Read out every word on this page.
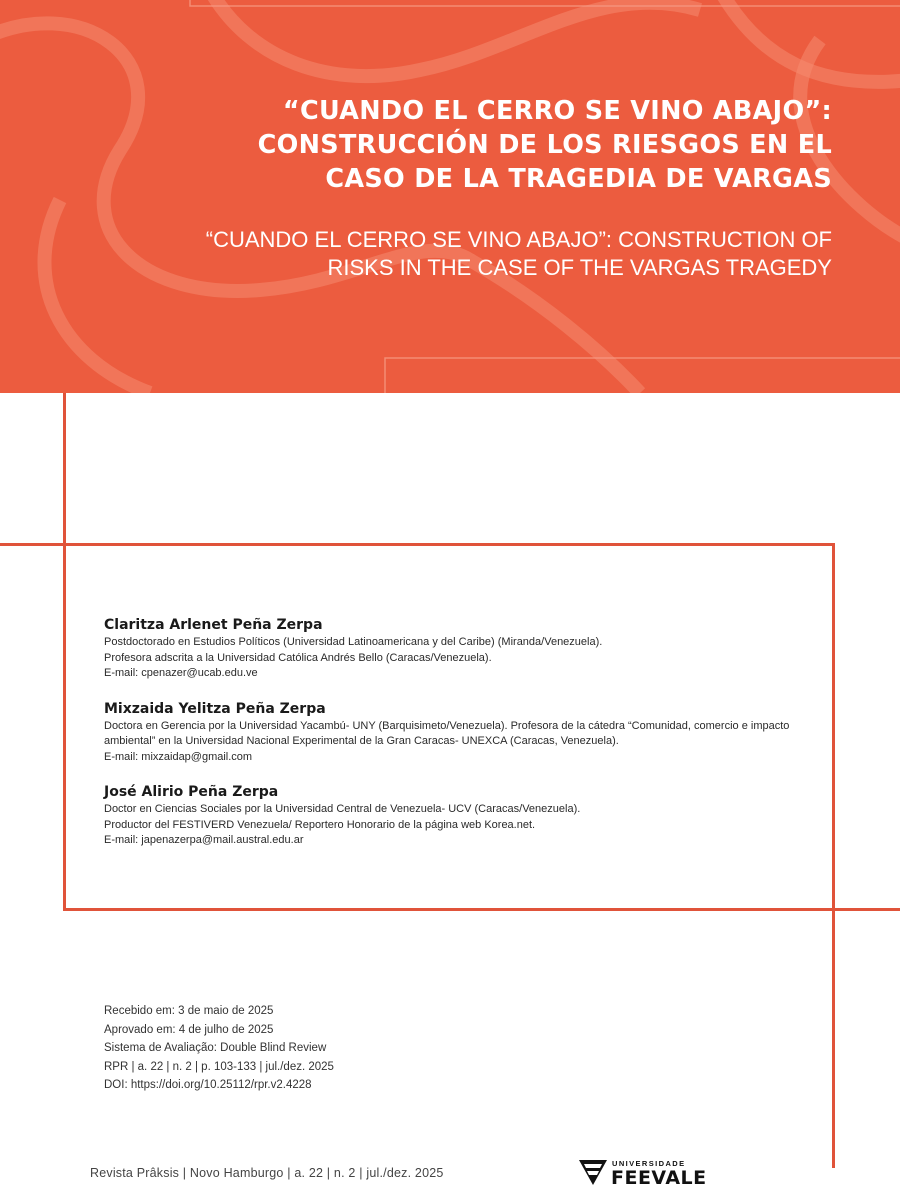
“CUANDO EL CERRO SE VINO ABAJO”:
CONSTRUCCIÓN DE LOS RIESGOS EN EL
CASO DE LA TRAGEDIA DE VARGAS
“CUANDO EL CERRO SE VINO ABAJO”: CONSTRUCTION OF
RISKS IN THE CASE OF THE VARGAS TRAGEDY
Claritza Arlenet Peña Zerpa
Postdoctorado en Estudios Políticos (Universidad Latinoamericana y del Caribe) (Miranda/Venezuela).
Profesora adscrita a la Universidad Católica Andrés Bello (Caracas/Venezuela).
E-mail: cpenazer@ucab.edu.ve
Mixzaida Yelitza Peña Zerpa
Doctora en Gerencia por la Universidad Yacambú- UNY (Barquisimeto/Venezuela). Profesora de la cátedra “Comunidad, comercio e impacto
ambiental” en la Universidad Nacional Experimental de la Gran Caracas- UNEXCA (Caracas, Venezuela).
E-mail: mixzaidap@gmail.com
José Alirio Peña Zerpa
Doctor en Ciencias Sociales por la Universidad Central de Venezuela- UCV (Caracas/Venezuela).
Productor del FESTIVERD Venezuela/ Reportero Honorario de la página web Korea.net.
E-mail: japenazerpa@mail.austral.edu.ar
Recebido em: 3 de maio de 2025
Aprovado em: 4 de julho de 2025
Sistema de Avaliação: Double Blind Review
RPR | a. 22 | n. 2 | p. 103-133 | jul./dez. 2025
DOI: https://doi.org/10.25112/rpr.v2.4228
Revista Prâksis | Novo Hamburgo | a. 22 | n. 2 | jul./dez. 2025
UNIVERSIDADE
FEEVALE
